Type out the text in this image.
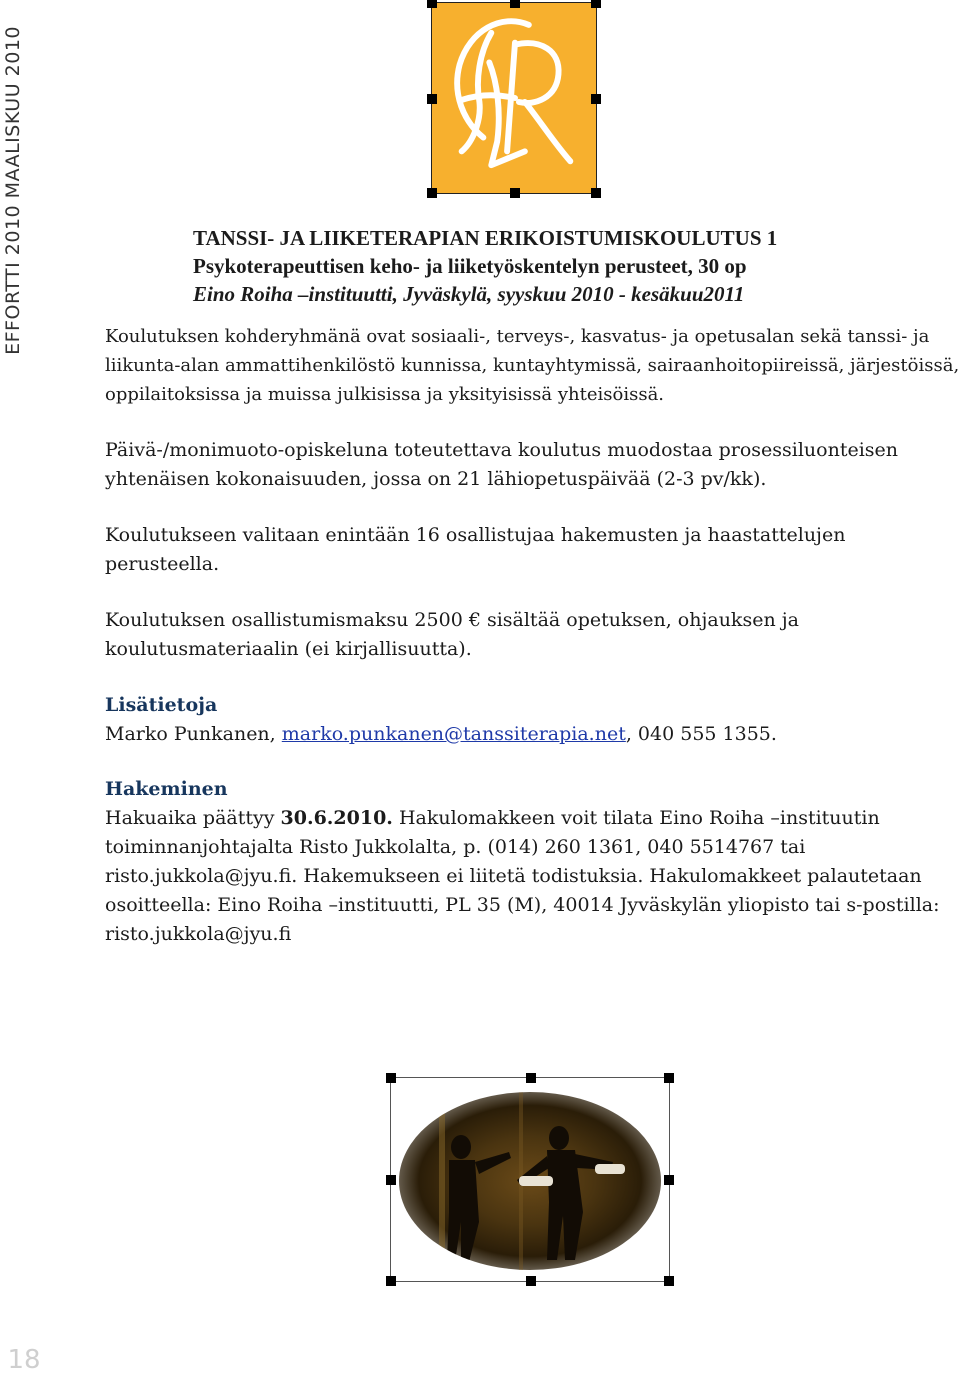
EFFORTTI 2010 MAALISKUU 2010	TANSSI- JA LIIKETERAPIAN ERIKOISTUMISKOULUTUS 1
Psykoterapeuttisen keho- ja liiketyöskentelyn perusteet, 30 op
Eino Roiha –instituutti, Jyväskylä, syyskuu 2010 - kesäkuu2011

Koulutuksen kohderyhmänä ovat sosiaali-, terveys-, kasvatus- ja opetusalan sekä tanssi- ja liikunta-alan ammattihenkilöstö kunnissa, kuntayhtymissä, sairaanhoitopiireissä, järjestöissä, oppilaitoksissa ja muissa julkisissa ja yksityisissä yhteisöissä.

Päivä-/monimuoto-opiskeluna toteutettava koulutus muodostaa prosessiluonteisen yhtenäisen kokonaisuuden, jossa on 21 lähiopetuspäivää (2-3 pv/kk).

Koulutukseen valitaan enintään 16 osallistujaa hakemusten ja haastattelujen perusteella.

Koulutuksen osallistumismaksu 2500 € sisältää opetuksen, ohjauksen ja koulutusmateriaalin (ei kirjallisuutta).

Lisätietoja
Marko Punkanen, marko.punkanen@tanssiterapia.net, 040 555 1355.
Hakeminen

Hakuaika päättyy 30.6.2010. Hakulomakkeen voit tilata Eino Roiha –instituutin toiminnanjohtajalta Risto Jukkolalta, p. (014) 260 1361, 040 5514767 tai risto.jukkola@jyu.fi. Hakemukseen ei liitetä todistuksia. Hakulomakkeet palautetaan osoitteella: Eino Roiha –instituutti, PL 35 (M), 40014 Jyväskylän yliopisto tai s-postilla: risto.jukkola@jyu.fi

18
